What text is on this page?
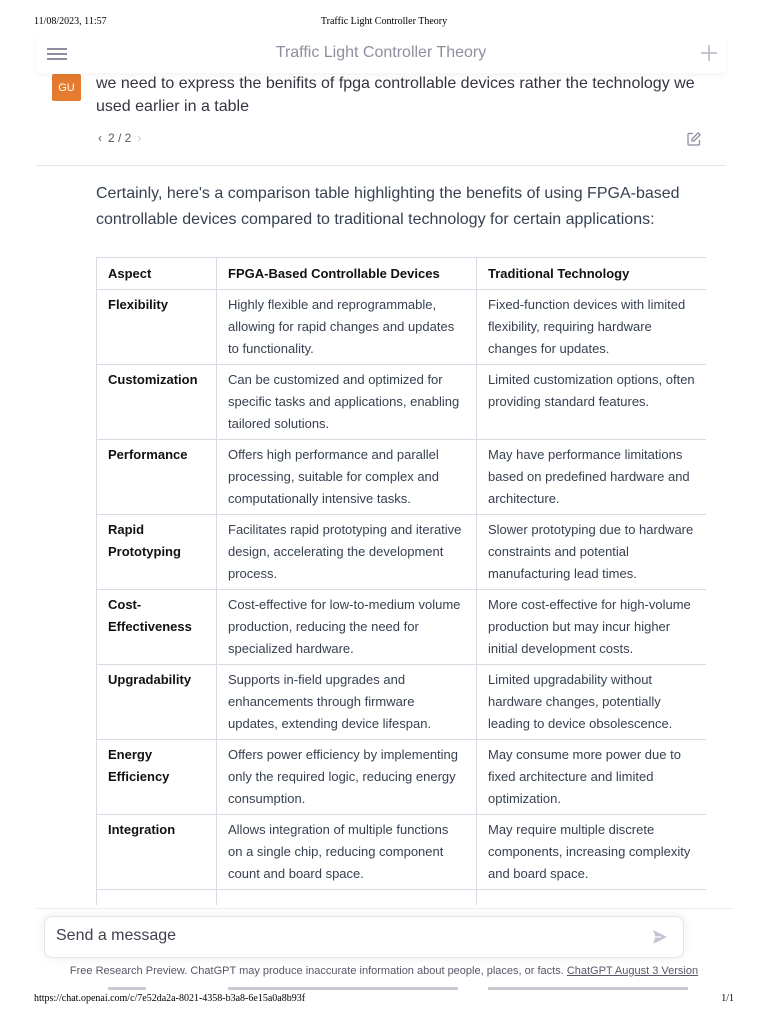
11/08/2023, 11:57	Traffic Light Controller Theory
Traffic Light Controller Theory
GU	we need to express the benifits of fpga controllable devices rather the technology we used earlier in a table
‹ 2 / 2 ›
Certainly, here's a comparison table highlighting the benefits of using FPGA-based controllable devices compared to traditional technology for certain applications:
Aspect	FPGA-Based Controllable Devices	Traditional Technology
Flexibility	Highly flexible and reprogrammable, allowing for rapid changes and updates to functionality.	Fixed-function devices with limited flexibility, requiring hardware changes for updates.
Customization	Can be customized and optimized for specific tasks and applications, enabling tailored solutions.	Limited customization options, often providing standard features.
Performance	Offers high performance and parallel processing, suitable for complex and computationally intensive tasks.	May have performance limitations based on predefined hardware and architecture.
Rapid Prototyping	Facilitates rapid prototyping and iterative design, accelerating the development process.	Slower prototyping due to hardware constraints and potential manufacturing lead times.
Cost-Effectiveness	Cost-effective for low-to-medium volume production, reducing the need for specialized hardware.	More cost-effective for high-volume production but may incur higher initial development costs.
Upgradability	Supports in-field upgrades and enhancements through firmware updates, extending device lifespan.	Limited upgradability without hardware changes, potentially leading to device obsolescence.
Energy Efficiency	Offers power efficiency by implementing only the required logic, reducing energy consumption.	May consume more power due to fixed architecture and limited optimization.
Integration	Allows integration of multiple functions on a single chip, reducing component count and board space.	May require multiple discrete components, increasing complexity and board space.

Send a message
Free Research Preview. ChatGPT may produce inaccurate information about people, places, or facts. ChatGPT August 3 Version
https://chat.openai.com/c/7e52da2a-8021-4358-b3a8-6e15a0a8b93f	1/1
